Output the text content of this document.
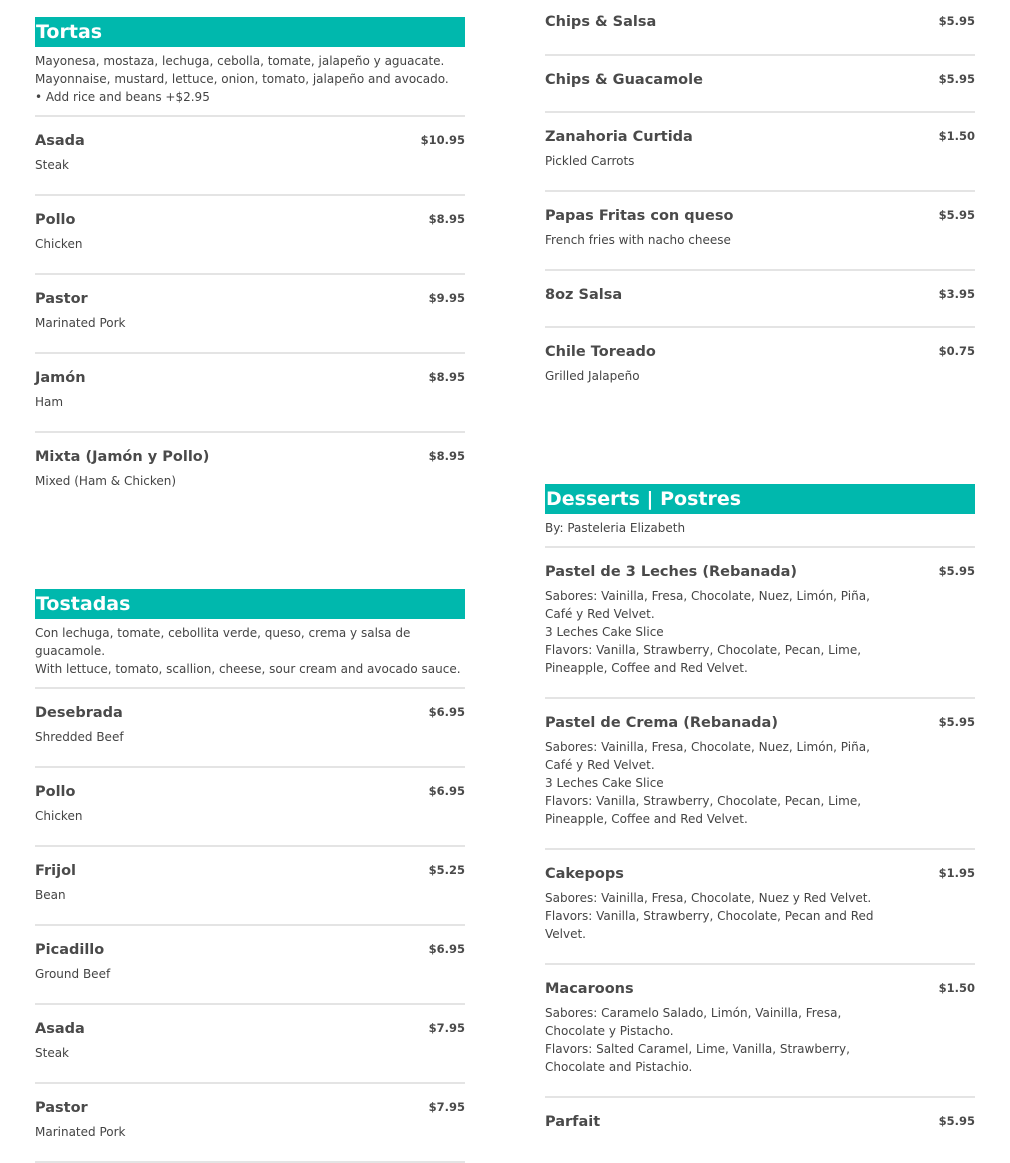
Tortas
Mayonesa, mostaza, lechuga, cebolla, tomate, jalapeño y aguacate.
Mayonnaise, mustard, lettuce, onion, tomato, jalapeño and avocado.
• Add rice and beans +$2.95
Asada	$10.95
Steak
Pollo	$8.95
Chicken
Pastor	$9.95
Marinated Pork
Jamón	$8.95
Ham
Mixta (Jamón y Pollo)	$8.95
Mixed (Ham & Chicken)
Tostadas
Con lechuga, tomate, cebollita verde, queso, crema y salsa de
guacamole.
With lettuce, tomato, scallion, cheese, sour cream and avocado sauce.
Desebrada	$6.95
Shredded Beef
Pollo	$6.95
Chicken
Frijol	$5.25
Bean
Picadillo	$6.95
Ground Beef
Asada	$7.95
Steak
Pastor	$7.95
Marinated Pork
Chips & Salsa	$5.95
Chips & Guacamole	$5.95
Zanahoria Curtida	$1.50
Pickled Carrots
Papas Fritas con queso	$5.95
French fries with nacho cheese
8oz Salsa	$3.95
Chile Toreado	$0.75
Grilled Jalapeño
Desserts | Postres
By: Pasteleria Elizabeth
Pastel de 3 Leches (Rebanada)	$5.95
Sabores: Vainilla, Fresa, Chocolate, Nuez, Limón, Piña,
Café y Red Velvet.
3 Leches Cake Slice
Flavors: Vanilla, Strawberry, Chocolate, Pecan, Lime,
Pineapple, Coffee and Red Velvet.
Pastel de Crema (Rebanada)	$5.95
Sabores: Vainilla, Fresa, Chocolate, Nuez, Limón, Piña,
Café y Red Velvet.
3 Leches Cake Slice
Flavors: Vanilla, Strawberry, Chocolate, Pecan, Lime,
Pineapple, Coffee and Red Velvet.
Cakepops	$1.95
Sabores: Vainilla, Fresa, Chocolate, Nuez y Red Velvet.
Flavors: Vanilla, Strawberry, Chocolate, Pecan and Red
Velvet.
Macaroons	$1.50
Sabores: Caramelo Salado, Limón, Vainilla, Fresa,
Chocolate y Pistacho.
Flavors: Salted Caramel, Lime, Vanilla, Strawberry,
Chocolate and Pistachio.
Parfait	$5.95
